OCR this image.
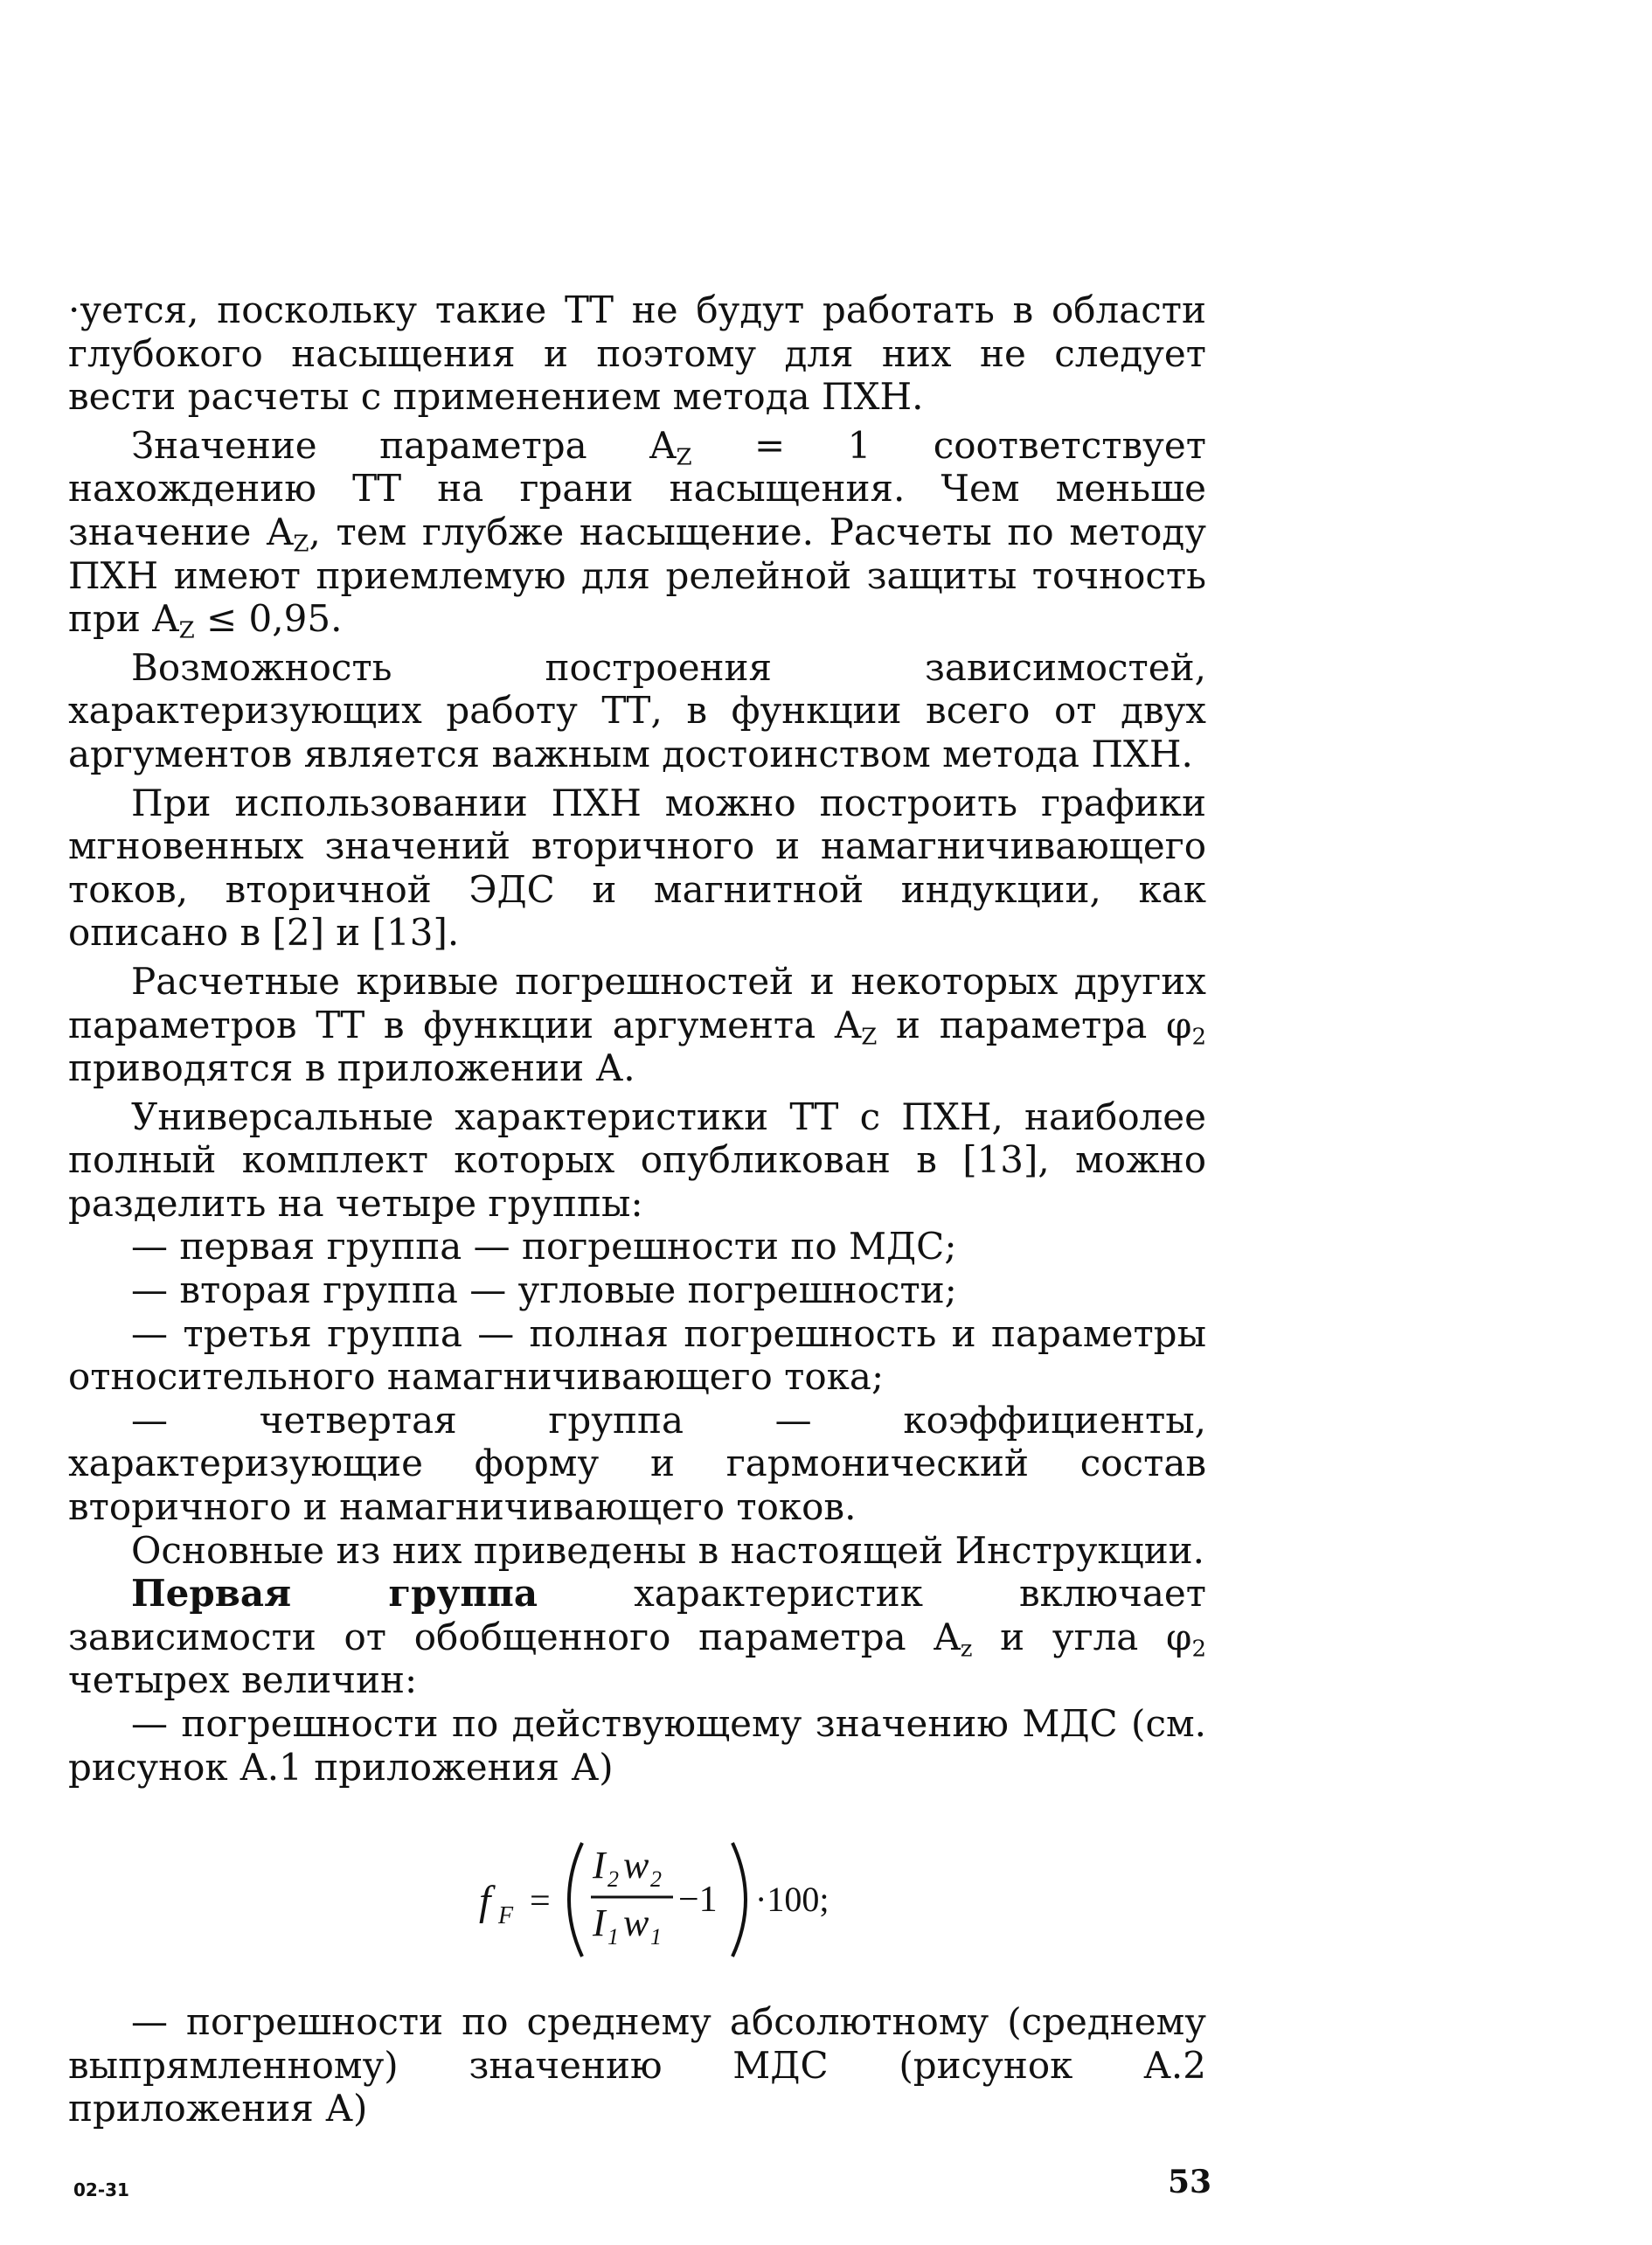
·уется, поскольку такие ТТ не будут работать в области глубокого насыщения и поэтому для них не следует вести расчеты с применением метода ПХН.

Значение параметра $A_Z = 1$ соответствует нахождению ТТ на грани насыщения. Чем меньше значение $A_Z$, тем глубже насыщение. Расчеты по методу ПХН имеют приемлемую для релейной защиты точность при $A_Z \le 0,95$.

Возможность построения зависимостей, характеризующих работу ТТ, в функции всего от двух аргументов является важным достоинством метода ПХН.

При использовании ПХН можно построить графики мгновенных значений вторичного и намагничивающего токов, вторичной ЭДС и магнитной индукции, как описано в [2] и [13].

Расчетные кривые погрешностей и некоторых других параметров ТТ в функции аргумента $A_Z$ и параметра $\varphi_2$ приводятся в приложении А.

Универсальные характеристики ТТ с ПХН, наиболее полный комплект которых опубликован в [13], можно разделить на четыре группы:

— первая группа — погрешности по МДС;

— вторая группа — угловые погрешности;

— третья группа — полная погрешность и параметры относительного намагничивающего тока;

— четвертая группа — коэффициенты, характеризующие форму и гармонический состав вторичного и намагничивающего токов.

Основные из них приведены в настоящей Инструкции.

Первая группа характеристик включает зависимости от обобщенного параметра $A_z$ и угла $\varphi_2$ четырех величин:

— погрешности по действующему значению МДС (см. рисунок А.1 приложения А)

f F =
I 2 w 2
I 1 w 1
−1 ·100;

— погрешности по среднему абсолютному (среднему выпрямленному) значению МДС (рисунок А.2 приложения А)

02-31	53
